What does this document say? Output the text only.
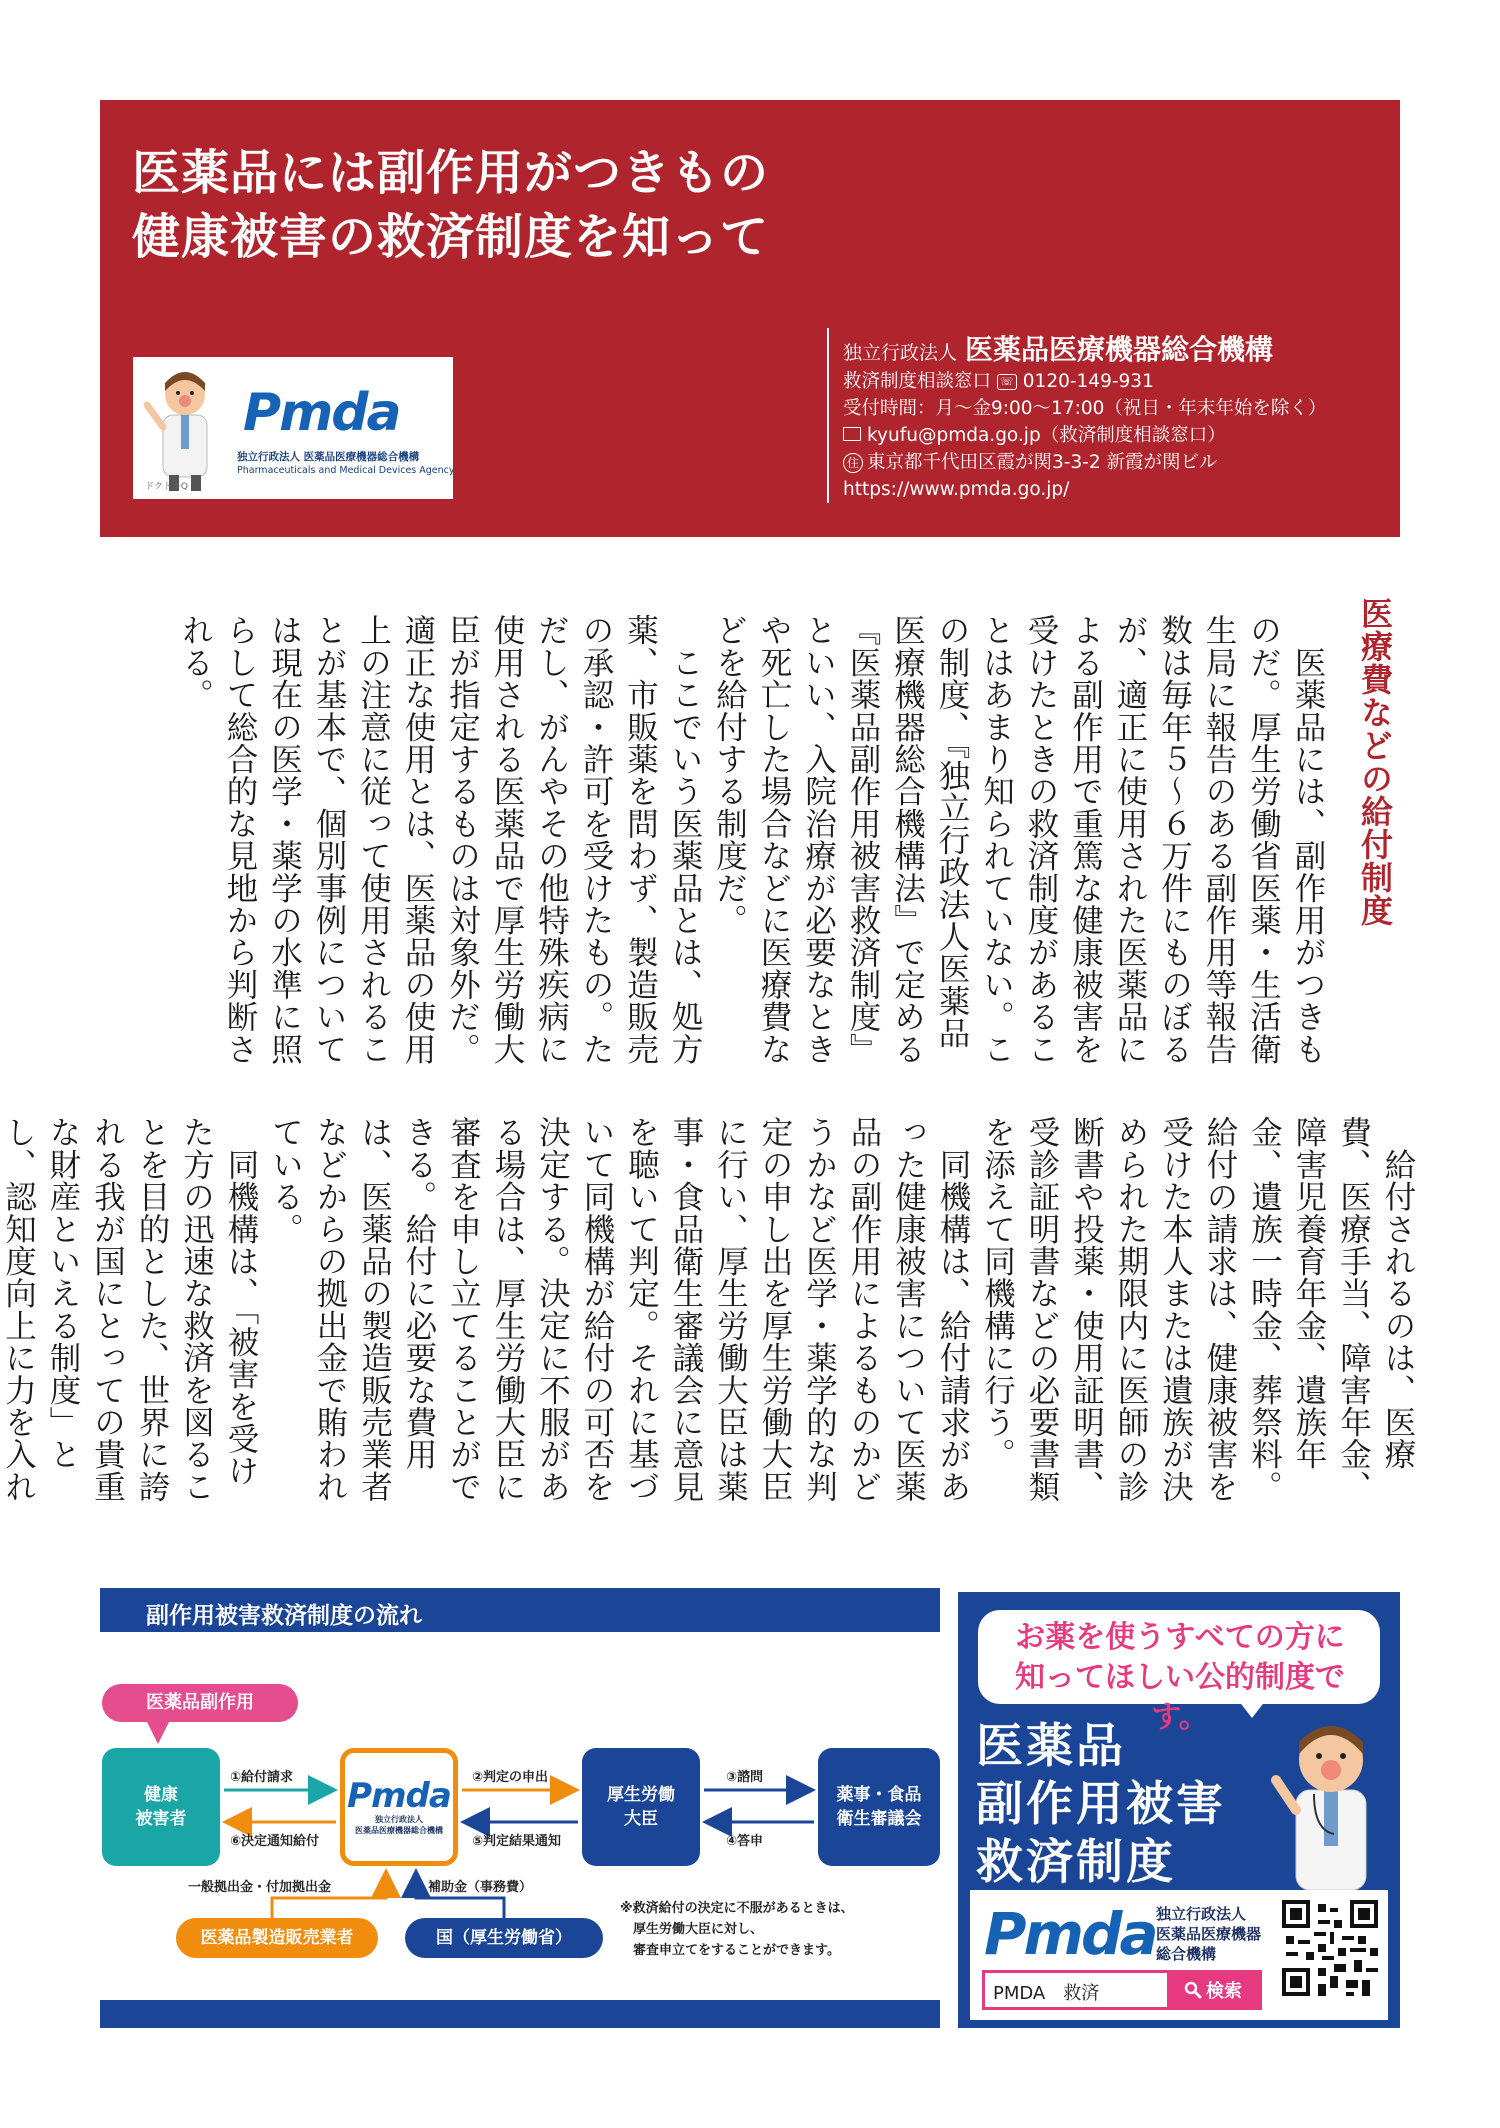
医薬品には副作用がつきもの
健康被害の救済制度を知って
ドクトルQ
Pmda
独立行政法人 医薬品医療機器総合機構
Pharmaceuticals and Medical Devices Agency
独立行政法人 医薬品医療機器総合機構
救済制度相談窓口 ☏ 0120-149-931
受付時間：月～金9:00～17:00（祝日・年末年始を除く）
kyufu@pmda.go.jp（救済制度相談窓口）
住 東京都千代田区霞が関3-3-2 新霞が関ビル
https://www.pmda.go.jp/
医療費などの給付制度
　医薬品には、副作用がつきものだ。厚生労働省医薬・生活衛生局に報告のある副作用等報告数は毎年５～６万件にものぼるが、適正に使用された医薬品による副作用で重篤な健康被害を受けたときの救済制度があることはあまり知られていない。この制度、『独立行政法人医薬品医療機器総合機構法』で定める『医薬品副作用被害救済制度』といい、入院治療が必要なときや死亡した場合などに医療費などを給付する制度だ。
　ここでいう医薬品とは、処方薬、市販薬を問わず、製造販売の承認・許可を受けたもの。ただし、がんやその他特殊疾病に使用される医薬品で厚生労働大臣が指定するものは対象外だ。適正な使用とは、医薬品の使用上の注意に従って使用されることが基本で、個別事例については現在の医学・薬学の水準に照らして総合的な見地から判断される。
　給付されるのは、医療費、医療手当、障害年金、障害児養育年金、遺族年金、遺族一時金、葬祭料。給付の請求は、健康被害を受けた本人または遺族が決められた期限内に医師の診断書や投薬・使用証明書、受診証明書などの必要書類を添えて同機構に行う。
　同機構は、給付請求があった健康被害について医薬品の副作用によるものかどうかなど医学・薬学的な判定の申し出を厚生労働大臣に行い、厚生労働大臣は薬事・食品衛生審議会に意見を聴いて判定。それに基づいて同機構が給付の可否を決定する。決定に不服がある場合は、厚生労働大臣に審査を申し立てることができる。給付に必要な費用は、医薬品の製造販売業者などからの拠出金で賄われている。
　同機構は、「被害を受けた方の迅速な救済を図ることを目的とした、世界に誇れる我が国にとっての貴重な財産といえる制度」とし、認知度向上に力を入れ
副作用被害救済制度の流れ
医薬品副作用
健康
被害者
Pmda
独立行政法人
医薬品医療機器総合機構
厚生労働
大臣
薬事・食品
衛生審議会
①給付請求
⑥決定通知給付
②判定の申出
⑤判定結果通知
③諮問
④答申
一般拠出金・付加拠出金	補助金（事務費）
医薬品製造販売業者	国（厚生労働省）
※救済給付の決定に不服があるときは、
　厚生労働大臣に対し、
　審査申立てをすることができます。
お薬を使うすべての方に
知ってほしい公的制度です。
医薬品
副作用被害
救済制度
Pmda 独立行政法人
医薬品医療機器
総合機構
PMDA　救済	検索
